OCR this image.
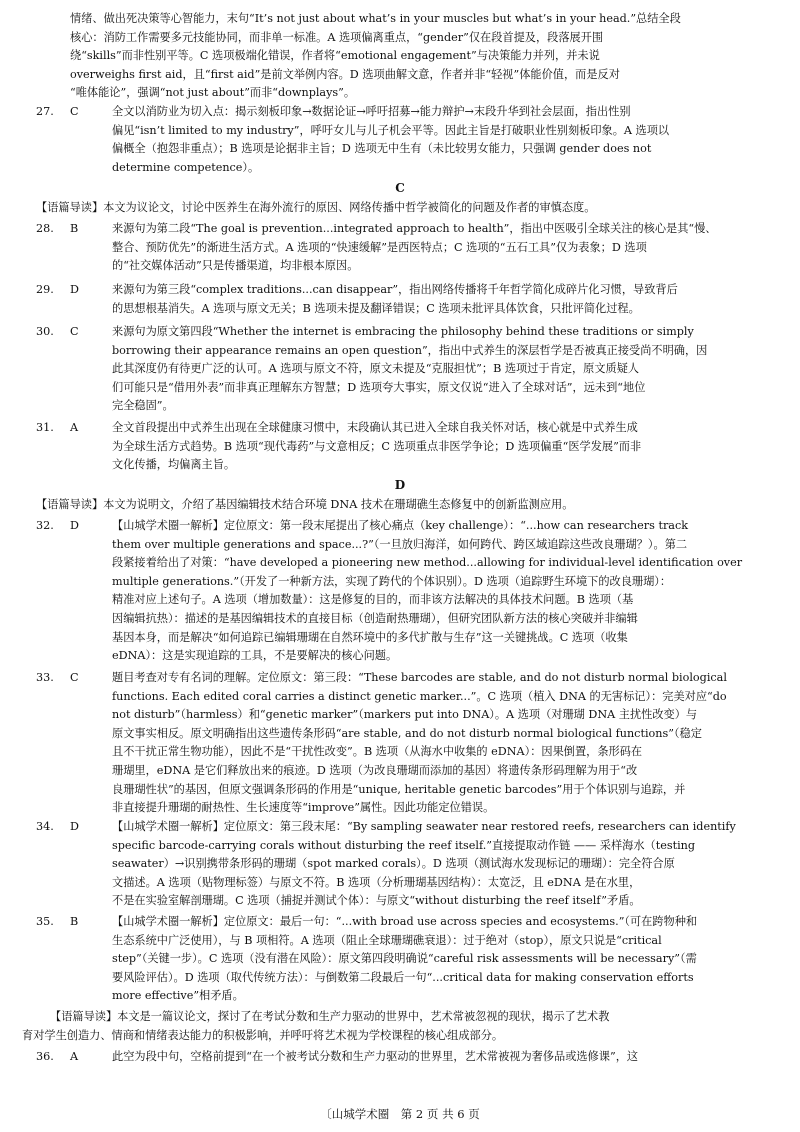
情绪、做出死决策等心智能力，末句“It’s not just about what’s in your muscles but what’s in your head.”总结全段
核心：消防工作需要多元技能协同，而非单一标准。A 选项偏离重点，“gender”仅在段首提及，段落展开围
绕“skills”而非性别平等。C 选项极端化错误，作者将“emotional engagement”与决策能力并列，并未说
overweighs first aid，且“first aid”是前文举例内容。D 选项曲解文意，作者并非“轻视”体能价值，而是反对
“唯体能论”，强调“not just about”而非“downplays”。
27.	C	全文以消防业为切入点：揭示刻板印象→数据论证→呼吁招募→能力辩护→末段升华到社会层面，指出性别
偏见“isn’t limited to my industry”，呼吁女儿与儿子机会平等。因此主旨是打破职业性别刻板印象。A 选项以
偏概全（抱怨非重点）；B 选项是论据非主旨；D 选项无中生有（未比较男女能力，只强调 gender does not
determine competence）。
C
【语篇导读】本文为议论文，讨论中医养生在海外流行的原因、网络传播中哲学被简化的问题及作者的审慎态度。
28.	B	来源句为第二段“The goal is prevention...integrated approach to health”，指出中医吸引全球关注的核心是其“慢、
整合、预防优先”的渐进生活方式。A 选项的“快速缓解”是西医特点；C 选项的“五石工具”仅为表象；D 选项
的“社交媒体活动”只是传播渠道，均非根本原因。
29.	D	来源句为第三段“complex traditions...can disappear”，指出网络传播将千年哲学简化成碎片化习惯，导致背后
的思想根基消失。A 选项与原文无关；B 选项未提及翻译错误；C 选项未批评具体饮食，只批评简化过程。
30.	C	来源句为原文第四段“Whether the internet is embracing the philosophy behind these traditions or simply
borrowing their appearance remains an open question”，指出中式养生的深层哲学是否被真正接受尚不明确，因
此其深度仍有待更广泛的认可。A 选项与原文不符，原文未提及“克服担忧”；B 选项过于肯定，原文质疑人
们可能只是“借用外表”而非真正理解东方智慧；D 选项夸大事实，原文仅说“进入了全球对话”，远未到“地位
完全稳固”。
31.	A	全文首段提出中式养生出现在全球健康习惯中，末段确认其已进入全球自我关怀对话，核心就是中式养生成
为全球生活方式趋势。B 选项“现代毒药”与文意相反；C 选项重点非医学争论；D 选项偏重“医学发展”而非
文化传播，均偏离主旨。
D
【语篇导读】本文为说明文，介绍了基因编辑技术结合环境 DNA 技术在珊瑚礁生态修复中的创新监测应用。
32.	D	【山城学术圈一解析】定位原文：第一段末尾提出了核心痛点（key challenge）：“...how can researchers track
them over multiple generations and space...?”（一旦放归海洋，如何跨代、跨区域追踪这些改良珊瑚？）。第二
段紧接着给出了对策：“have developed a pioneering new method...allowing for individual-level identification over
multiple generations.”（开发了一种新方法，实现了跨代的个体识别）。D 选项（追踪野生环境下的改良珊瑚）：
精准对应上述句子。A 选项（增加数量）：这是修复的目的，而非该方法解决的具体技术问题。B 选项（基
因编辑抗热）：描述的是基因编辑技术的直接目标（创造耐热珊瑚），但研究团队新方法的核心突破并非编辑
基因本身，而是解决“如何追踪已编辑珊瑚在自然环境中的多代扩散与生存”这一关键挑战。C 选项（收集
eDNA）：这是实现追踪的工具，不是要解决的核心问题。
33.	C	题目考查对专有名词的理解。定位原文：第三段：“These barcodes are stable, and do not disturb normal biological
functions. Each edited coral carries a distinct genetic marker...”。C 选项（植入 DNA 的无害标记）：完美对应“do
not disturb”（harmless）和“genetic marker”（markers put into DNA）。A 选项（对珊瑚 DNA 主扰性改变）与
原文事实相反。原文明确指出这些遗传条形码“are stable, and do not disturb normal biological functions”（稳定
且不干扰正常生物功能），因此不是“干扰性改变”。B 选项（从海水中收集的 eDNA）：因果倒置，条形码在
珊瑚里，eDNA 是它们释放出来的痕迹。D 选项（为改良珊瑚而添加的基因）将遗传条形码理解为用于“改
良珊瑚性状”的基因，但原文强调条形码的作用是“unique, heritable genetic barcodes”用于个体识别与追踪，并
非直接提升珊瑚的耐热性、生长速度等“improve”属性。因此功能定位错误。
34.	D	【山城学术圈一解析】定位原文：第三段末尾：“By sampling seawater near restored reefs, researchers can identify
specific barcode-carrying corals without disturbing the reef itself.”直接提取动作链 —— 采样海水（testing
seawater）→识别携带条形码的珊瑚（spot marked corals）。D 选项（测试海水发现标记的珊瑚）：完全符合原
文描述。A 选项（贴物理标签）与原文不符。B 选项（分析珊瑚基因结构）：太宽泛，且 eDNA 是在水里，
不是在实验室解剖珊瑚。C 选项（捕捉并测试个体）：与原文“without disturbing the reef itself”矛盾。
35.	B	【山城学术圈一解析】定位原文：最后一句：“...with broad use across species and ecosystems.”（可在跨物种和
生态系统中广泛使用），与 B 项相符。A 选项（阻止全球珊瑚礁衰退）：过于绝对（stop），原文只说是“critical
step”（关键一步）。C 选项（没有潜在风险）：原文第四段明确说“careful risk assessments will be necessary”（需
要风险评估）。D 选项（取代传统方法）：与倒数第二段最后一句“...critical data for making conservation efforts
more effective”相矛盾。
【语篇导读】本文是一篇议论文，探讨了在考试分数和生产力驱动的世界中，艺术常被忽视的现状，揭示了艺术教
育对学生创造力、情商和情绪表达能力的积极影响，并呼吁将艺术视为学校课程的核心组成部分。
36.	A	此空为段中句，空格前提到“在一个被考试分数和生产力驱动的世界里，艺术常被视为奢侈品或选修课”，这
〔山城学术圈　第 2 页 共 6 页
